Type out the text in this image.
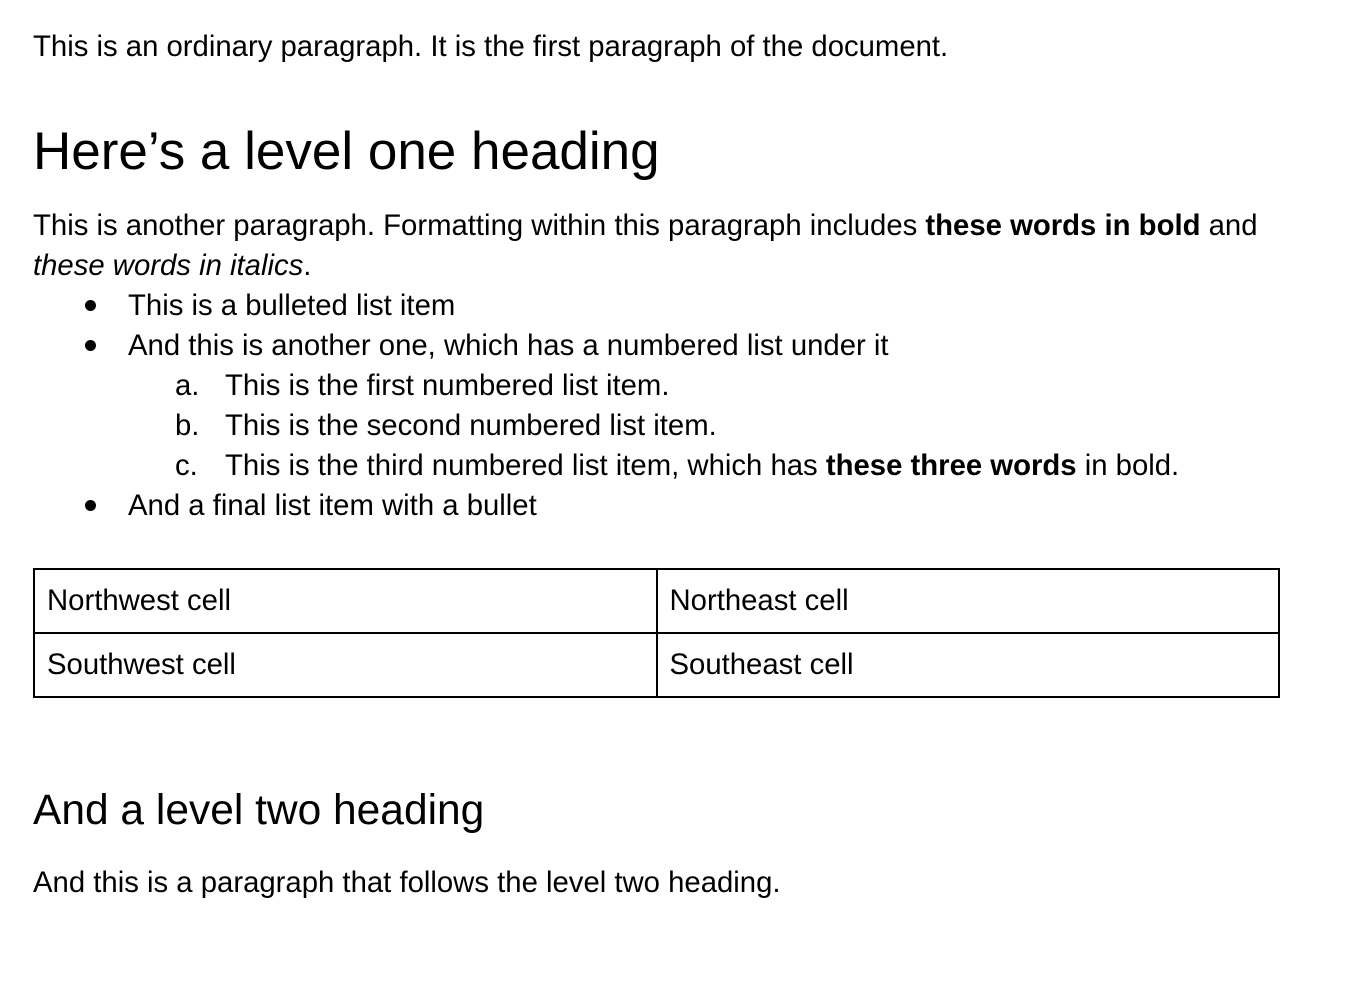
This is an ordinary paragraph. It is the first paragraph of the document.

Here’s a level one heading

This is another paragraph. Formatting within this paragraph includes these words in bold and these words in italics.

This is a bulleted list item
And this is another one, which has a numbered list under it
a. This is the first numbered list item.
b. This is the second numbered list item.
c. This is the third numbered list item, which has these three words in bold.
And a final list item with a bullet
Northwest cell	Northeast cell
Southwest cell	Southeast cell
And a level two heading

And this is a paragraph that follows the level two heading.
